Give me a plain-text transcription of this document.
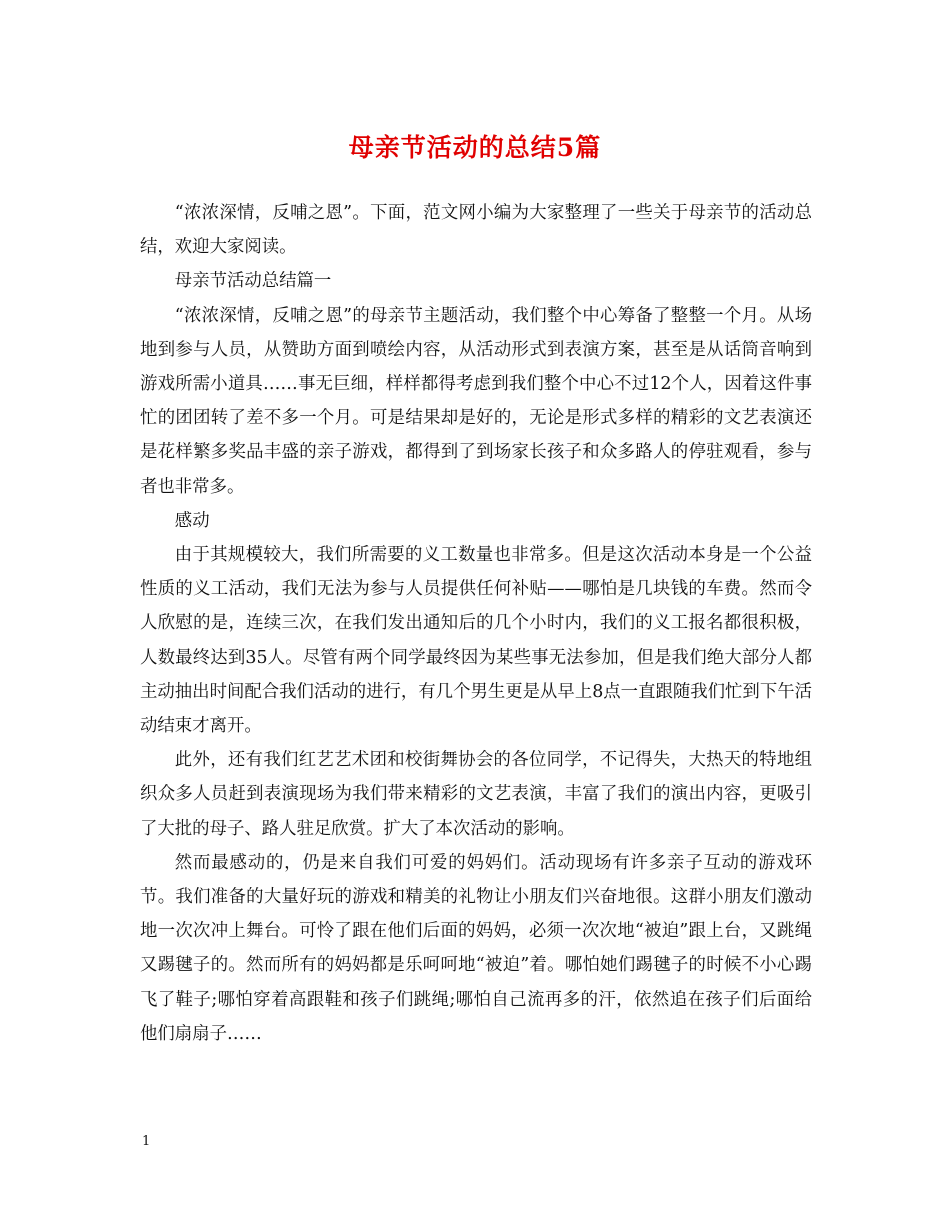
母亲节活动的总结5篇

“浓浓深情，反哺之恩”。下面，范文网小编为大家整理了一些关于母亲节的活动总结，欢迎大家阅读。

母亲节活动总结篇一

“浓浓深情，反哺之恩”的母亲节主题活动，我们整个中心筹备了整整一个月。从场地到参与人员，从赞助方面到喷绘内容，从活动形式到表演方案，甚至是从话筒音响到游戏所需小道具……事无巨细，样样都得考虑到我们整个中心不过12个人，因着这件事忙的团团转了差不多一个月。可是结果却是好的，无论是形式多样的精彩的文艺表演还是花样繁多奖品丰盛的亲子游戏，都得到了到场家长孩子和众多路人的停驻观看，参与者也非常多。

感动

由于其规模较大，我们所需要的义工数量也非常多。但是这次活动本身是一个公益性质的义工活动，我们无法为参与人员提供任何补贴——哪怕是几块钱的车费。然而令人欣慰的是，连续三次，在我们发出通知后的几个小时内，我们的义工报名都很积极，人数最终达到35人。尽管有两个同学最终因为某些事无法参加，但是我们绝大部分人都主动抽出时间配合我们活动的进行，有几个男生更是从早上8点一直跟随我们忙到下午活动结束才离开。

此外，还有我们红艺艺术团和校街舞协会的各位同学，不记得失，大热天的特地组织众多人员赶到表演现场为我们带来精彩的文艺表演，丰富了我们的演出内容，更吸引了大批的母子、路人驻足欣赏。扩大了本次活动的影响。

然而最感动的，仍是来自我们可爱的妈妈们。活动现场有许多亲子互动的游戏环节。我们准备的大量好玩的游戏和精美的礼物让小朋友们兴奋地很。这群小朋友们激动地一次次冲上舞台。可怜了跟在他们后面的妈妈，必须一次次地“被迫”跟上台，又跳绳又踢毽子的。然而所有的妈妈都是乐呵呵地“被迫”着。哪怕她们踢毽子的时候不小心踢飞了鞋子;哪怕穿着高跟鞋和孩子们跳绳;哪怕自己流再多的汗，依然追在孩子们后面给他们扇扇子……

1
